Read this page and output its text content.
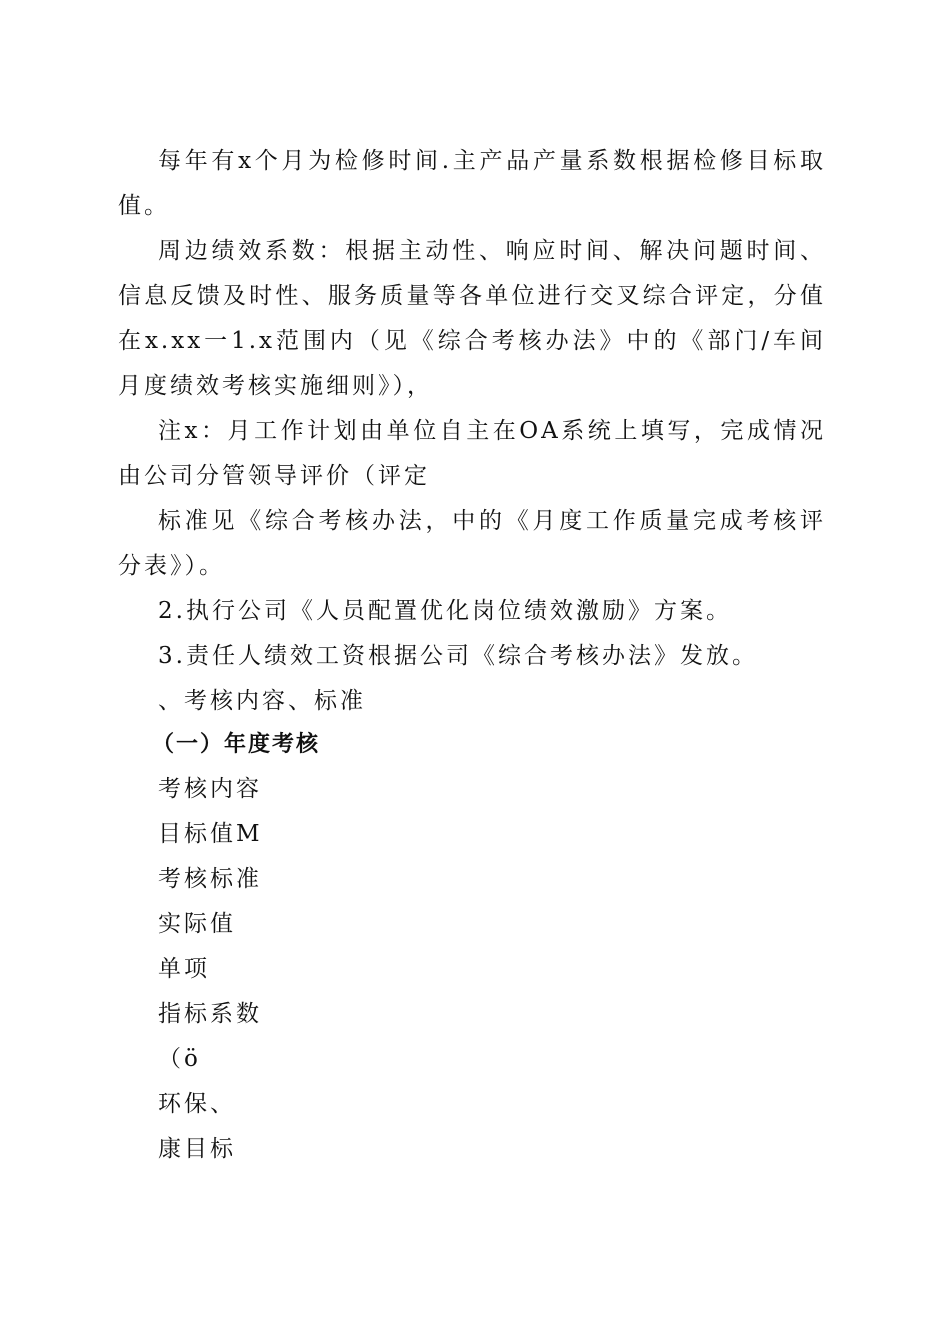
每年有x个月为检修时间.主产品产量系数根据检修目标取值。

周边绩效系数：根据主动性、响应时间、解决问题时间、信息反馈及时性、服务质量等各单位进行交叉综合评定，分值在x.xx一1.x范围内（见《综合考核办法》中的《部门/车间月度绩效考核实施细则》），

注x：月工作计划由单位自主在OA系统上填写，完成情况由公司分管领导评价（评定

标准见《综合考核办法，中的《月度工作质量完成考核评分表》）。

2.执行公司《人员配置优化岗位绩效激励》方案。

3.责任人绩效工资根据公司《综合考核办法》发放。

、考核内容、标准

（一）年度考核

考核内容

目标值M

考核标准

实际值

单项

指标系数

（ö

环保、

康目标
